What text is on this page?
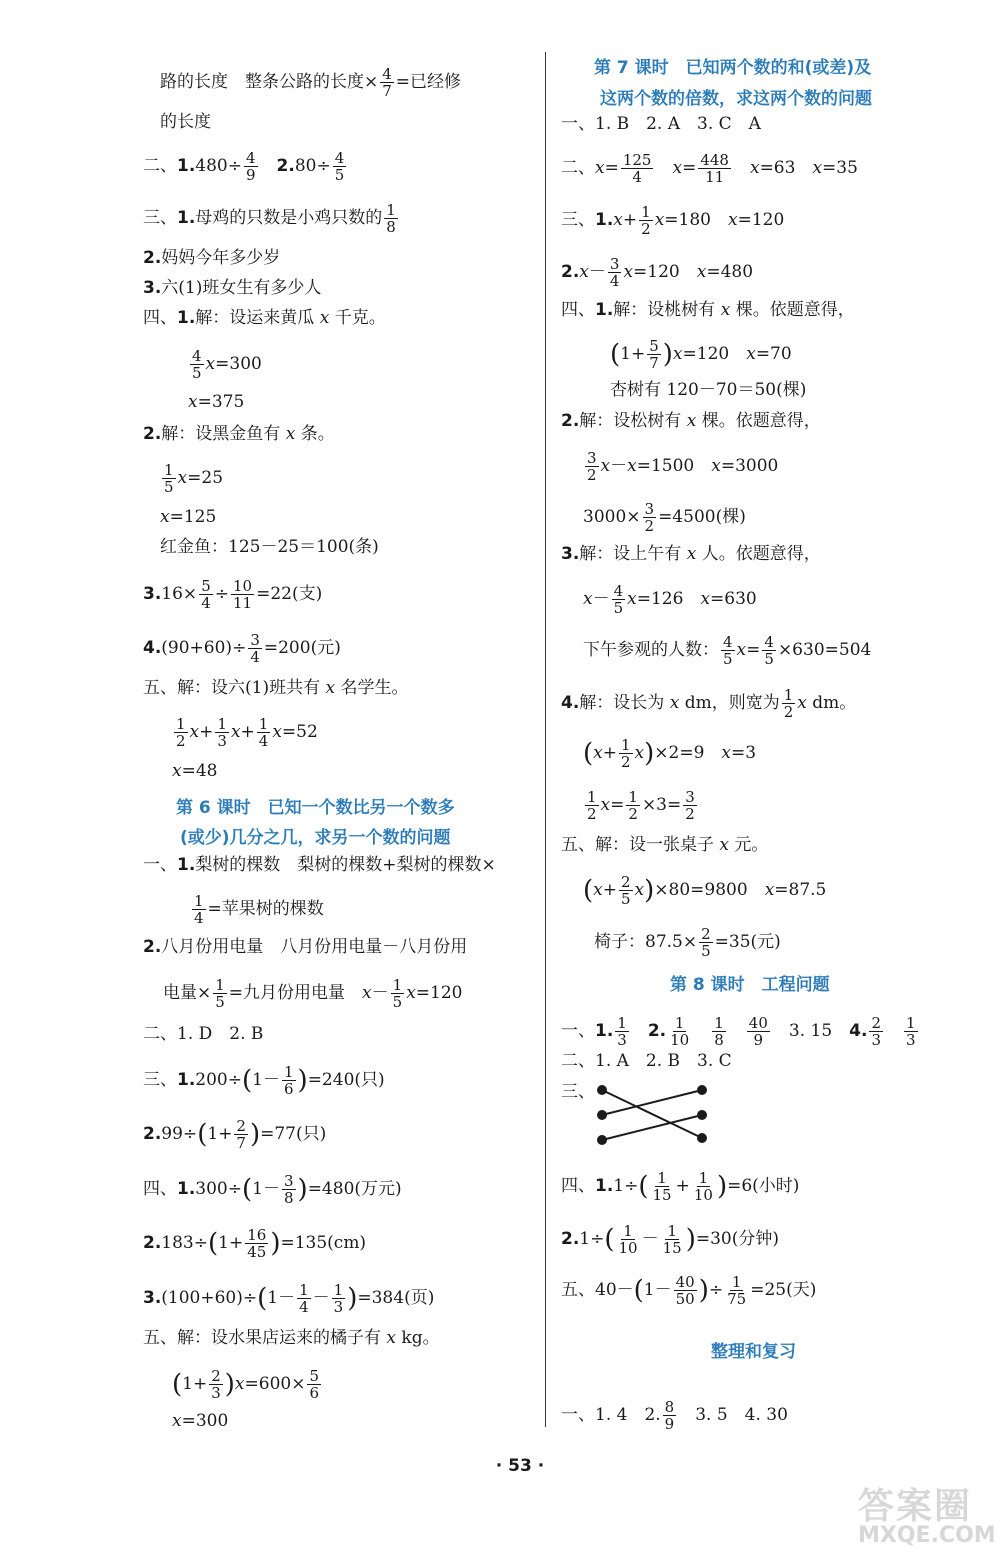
路的长度　 整条公路的长度× $\frac{4}{7}$ =已经修
的长度
二、$1.480\div \frac{4}{9}$
　 $2.80\div \frac{4}{5}$
三、1.母鸡的只数是小鸡只数的 $\frac{1}{8}$
2.妈妈今年多少岁
3.六(1)班女生有多少人
四、1.解：设运来黄瓜 x 千克。
$\frac{4}{5} x=300$
x=375
2.解：设黑金鱼有 x 条。
$\frac{1}{5} x=25$
x=125
红金鱼：125－25＝100(条)
$3.16\times \frac{5}{4} \div \frac{10}{11} =22$(支)
$4.(90+60)\div \frac{3}{4} =200$(元)
五、解：设六(1)班共有 x 名学生。
$\frac{1}{2} x+ \frac{1}{3} x+ \frac{1}{4} x=52$
x=48
第 6 课时　已知一个数比另一个数多
(或少)几分之几，求另一个数的问题
一、1.梨树的棵数　梨树的棵数+梨树的棵数×
$\frac{1}{4}$ =苹果树的棵数
2.八月份用电量　八月份用电量－八月份用
电量× $\frac{1}{5}$ =九月份用电量　 $x- \frac{1}{5} x=120$
二、1. D　2. B
三、$1.200\div(1- \frac{1}{6} )=240$(只)
$2.99\div(1+ \frac{2}{7} )=77$(只)
四、$1.300\div(1- \frac{3}{8} )=480$(万元)
$2.183\div(1+ \frac{16}{45} )=135(cm)$
$3.(100+60)\div(1- \frac{1}{4} - \frac{1}{3} )=384$(页)
五、解：设水果店运来的橘子有 x kg。
$(1+ \frac{2}{3} )x=600\times \frac{5}{6}$
x=300
第 7 课时　已知两个数的和(或差)及
这两个数的倍数，求这两个数的问题
一、1. B　2. A　3. C　A
二、$x= \frac{125}{4}$
　 $x= \frac{448}{11}$
　 x=63　 x=35
三、$1.x+ \frac{1}{2} x=180$　 x=120
$2.x- \frac{3}{4} x=120$　 x=480
四、1.解：设桃树有 x 棵。依题意得，
$(1+ \frac{5}{7} )x=120$　 x=70
杏树有 120－70＝50(棵)
2.解：设松树有 x 棵。依题意得，
$\frac{3}{2} x-x=1500$　 x=3000
$3000\times \frac{3}{2} =4500$(棵)
3.解：设上午有 x 人。依题意得，
$x- \frac{4}{5} x=126$　 x=630
下午参观的人数： $\frac{4}{5} x= \frac{4}{5} \times 630=504$
4.解：设长为 x dm，则宽为 $\frac{1}{2}$ x dm。
$(x+ \frac{1}{2} x)\times 2=9$　 x=3
$\frac{1}{2} x= \frac{1}{2} \times 3= \frac{3}{2}$
五、解：设一张桌子 x 元。
$(x+ \frac{2}{5} x)\times 80=9800$　 x=87.5
椅子：$87.5\times \frac{2}{5} =35$(元)
第 8 课时　工程问题
一、1. $\frac{1}{3}$
　 2. $\frac{1}{10}$
　 $\frac{1}{8}$
　 $\frac{40}{9}$
　 3. 15　 4. $\frac{2}{3}$
　 $\frac{1}{3}$
二、1. A　2. B　3. C
三、
四、$1.1\div( \frac{1}{15} + \frac{1}{10} )=6$(小时)
$2.1\div( \frac{1}{10} - \frac{1}{15} )=30$(分钟)
五、$40-(1- \frac{40}{50}$ )÷ $\frac{1}{75} =25$(天)
整理和复习
一、1. 4　2. $\frac{8}{9}$
　 3. 5　4. 30
· 53 ·
答案圈
MXQE.COM
